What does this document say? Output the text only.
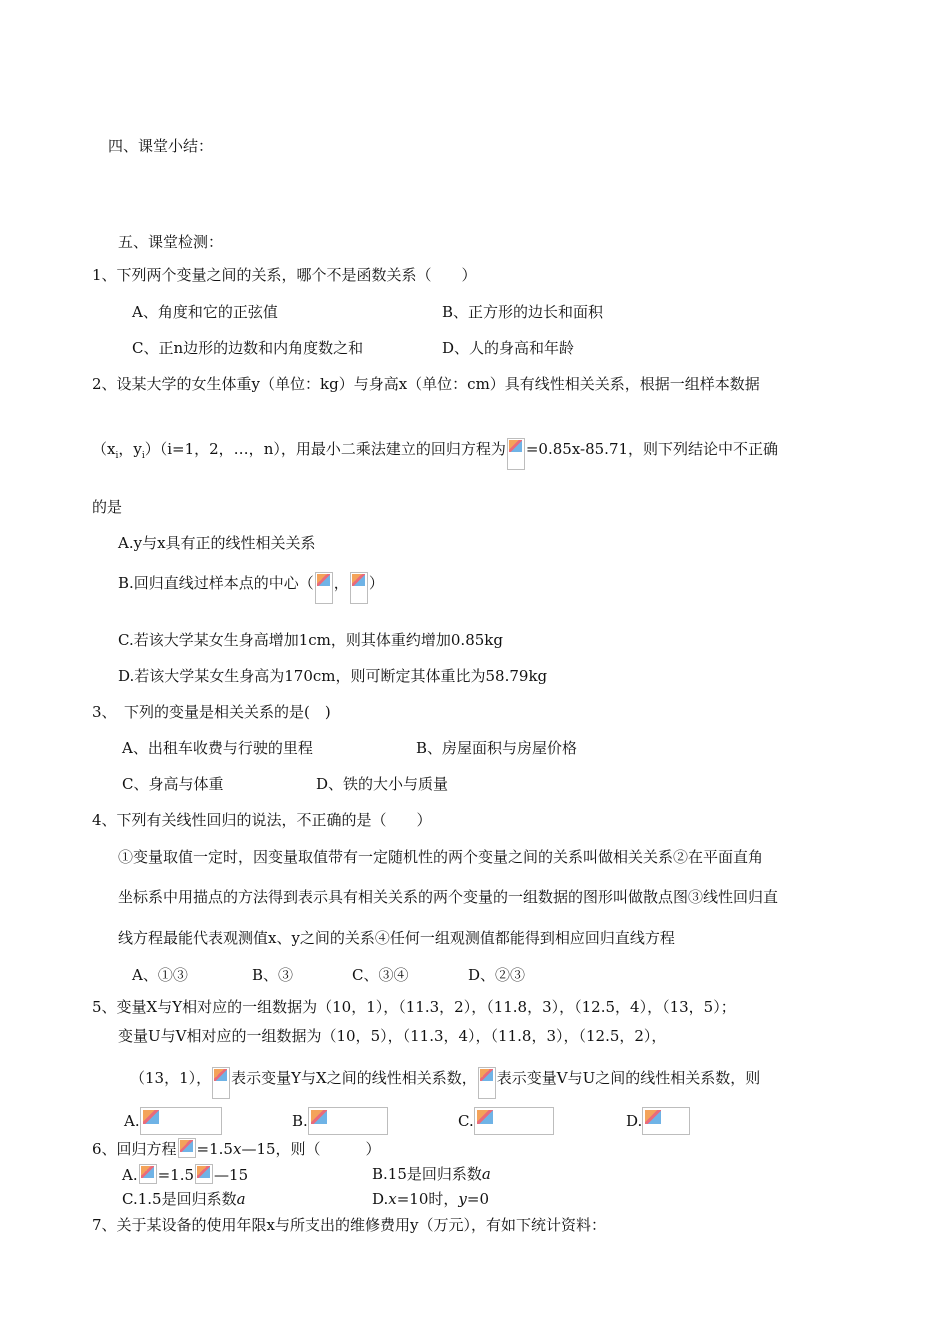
四、课堂小结：
五、课堂检测：
1、下列两个变量之间的关系，哪个不是函数关系（　　）
A、角度和它的正弦值	B、正方形的边长和面积
C、正n边形的边数和内角度数之和	D、人的身高和年龄
2、设某大学的女生体重y（单位：kg）与身高x（单位：cm）具有线性相关关系，根据一组样本数据
（$x_i$，$y_i)(i=1$，2，…，n），用最小二乘法建立的回归方程为 =0.85x-85.71，则下列结论中不正确
的是
A.y与x具有正的线性相关关系
B.回归直线过样本点的中心（ ， ）
C.若该大学某女生身高增加1cm，则其体重约增加0.85kg
D.若该大学某女生身高为170cm，则可断定其体重比为58.79kg
3、　下列的变量是相关关系的是(　)
A、出租车收费与行驶的里程	B、房屋面积与房屋价格
C、身高与体重	D、铁的大小与质量
4、下列有关线性回归的说法，不正确的是（　　）
①变量取值一定时，因变量取值带有一定随机性的两个变量之间的关系叫做相关关系②在平面直角
坐标系中用描点的方法得到表示具有相关关系的两个变量的一组数据的图形叫做散点图③线性回归直
线方程最能代表观测值x、y之间的关系④任何一组观测值都能得到相应回归直线方程
A、①③	B、③	C、③④	D、②③
5、变量X与Y相对应的一组数据为（10，1），（11.3，2），（11.8，3），（12.5，4），（13，5）；
变量U与V相对应的一组数据为（10，5），（11.3，4），（11.8，3），（12.5，2），
（13，1）， 表示变量Y与X之间的线性相关系数， 表示变量V与U之间的线性相关系数，则
A.	B.	C.	D.
6、回归方程 =1.5x—15，则（　　　）
A. =1.5 —15	B.15是回归系数a
C.1.5是回归系数a	D.x=10时，y=0
7、关于某设备的使用年限x与所支出的维修费用y（万元），有如下统计资料：
